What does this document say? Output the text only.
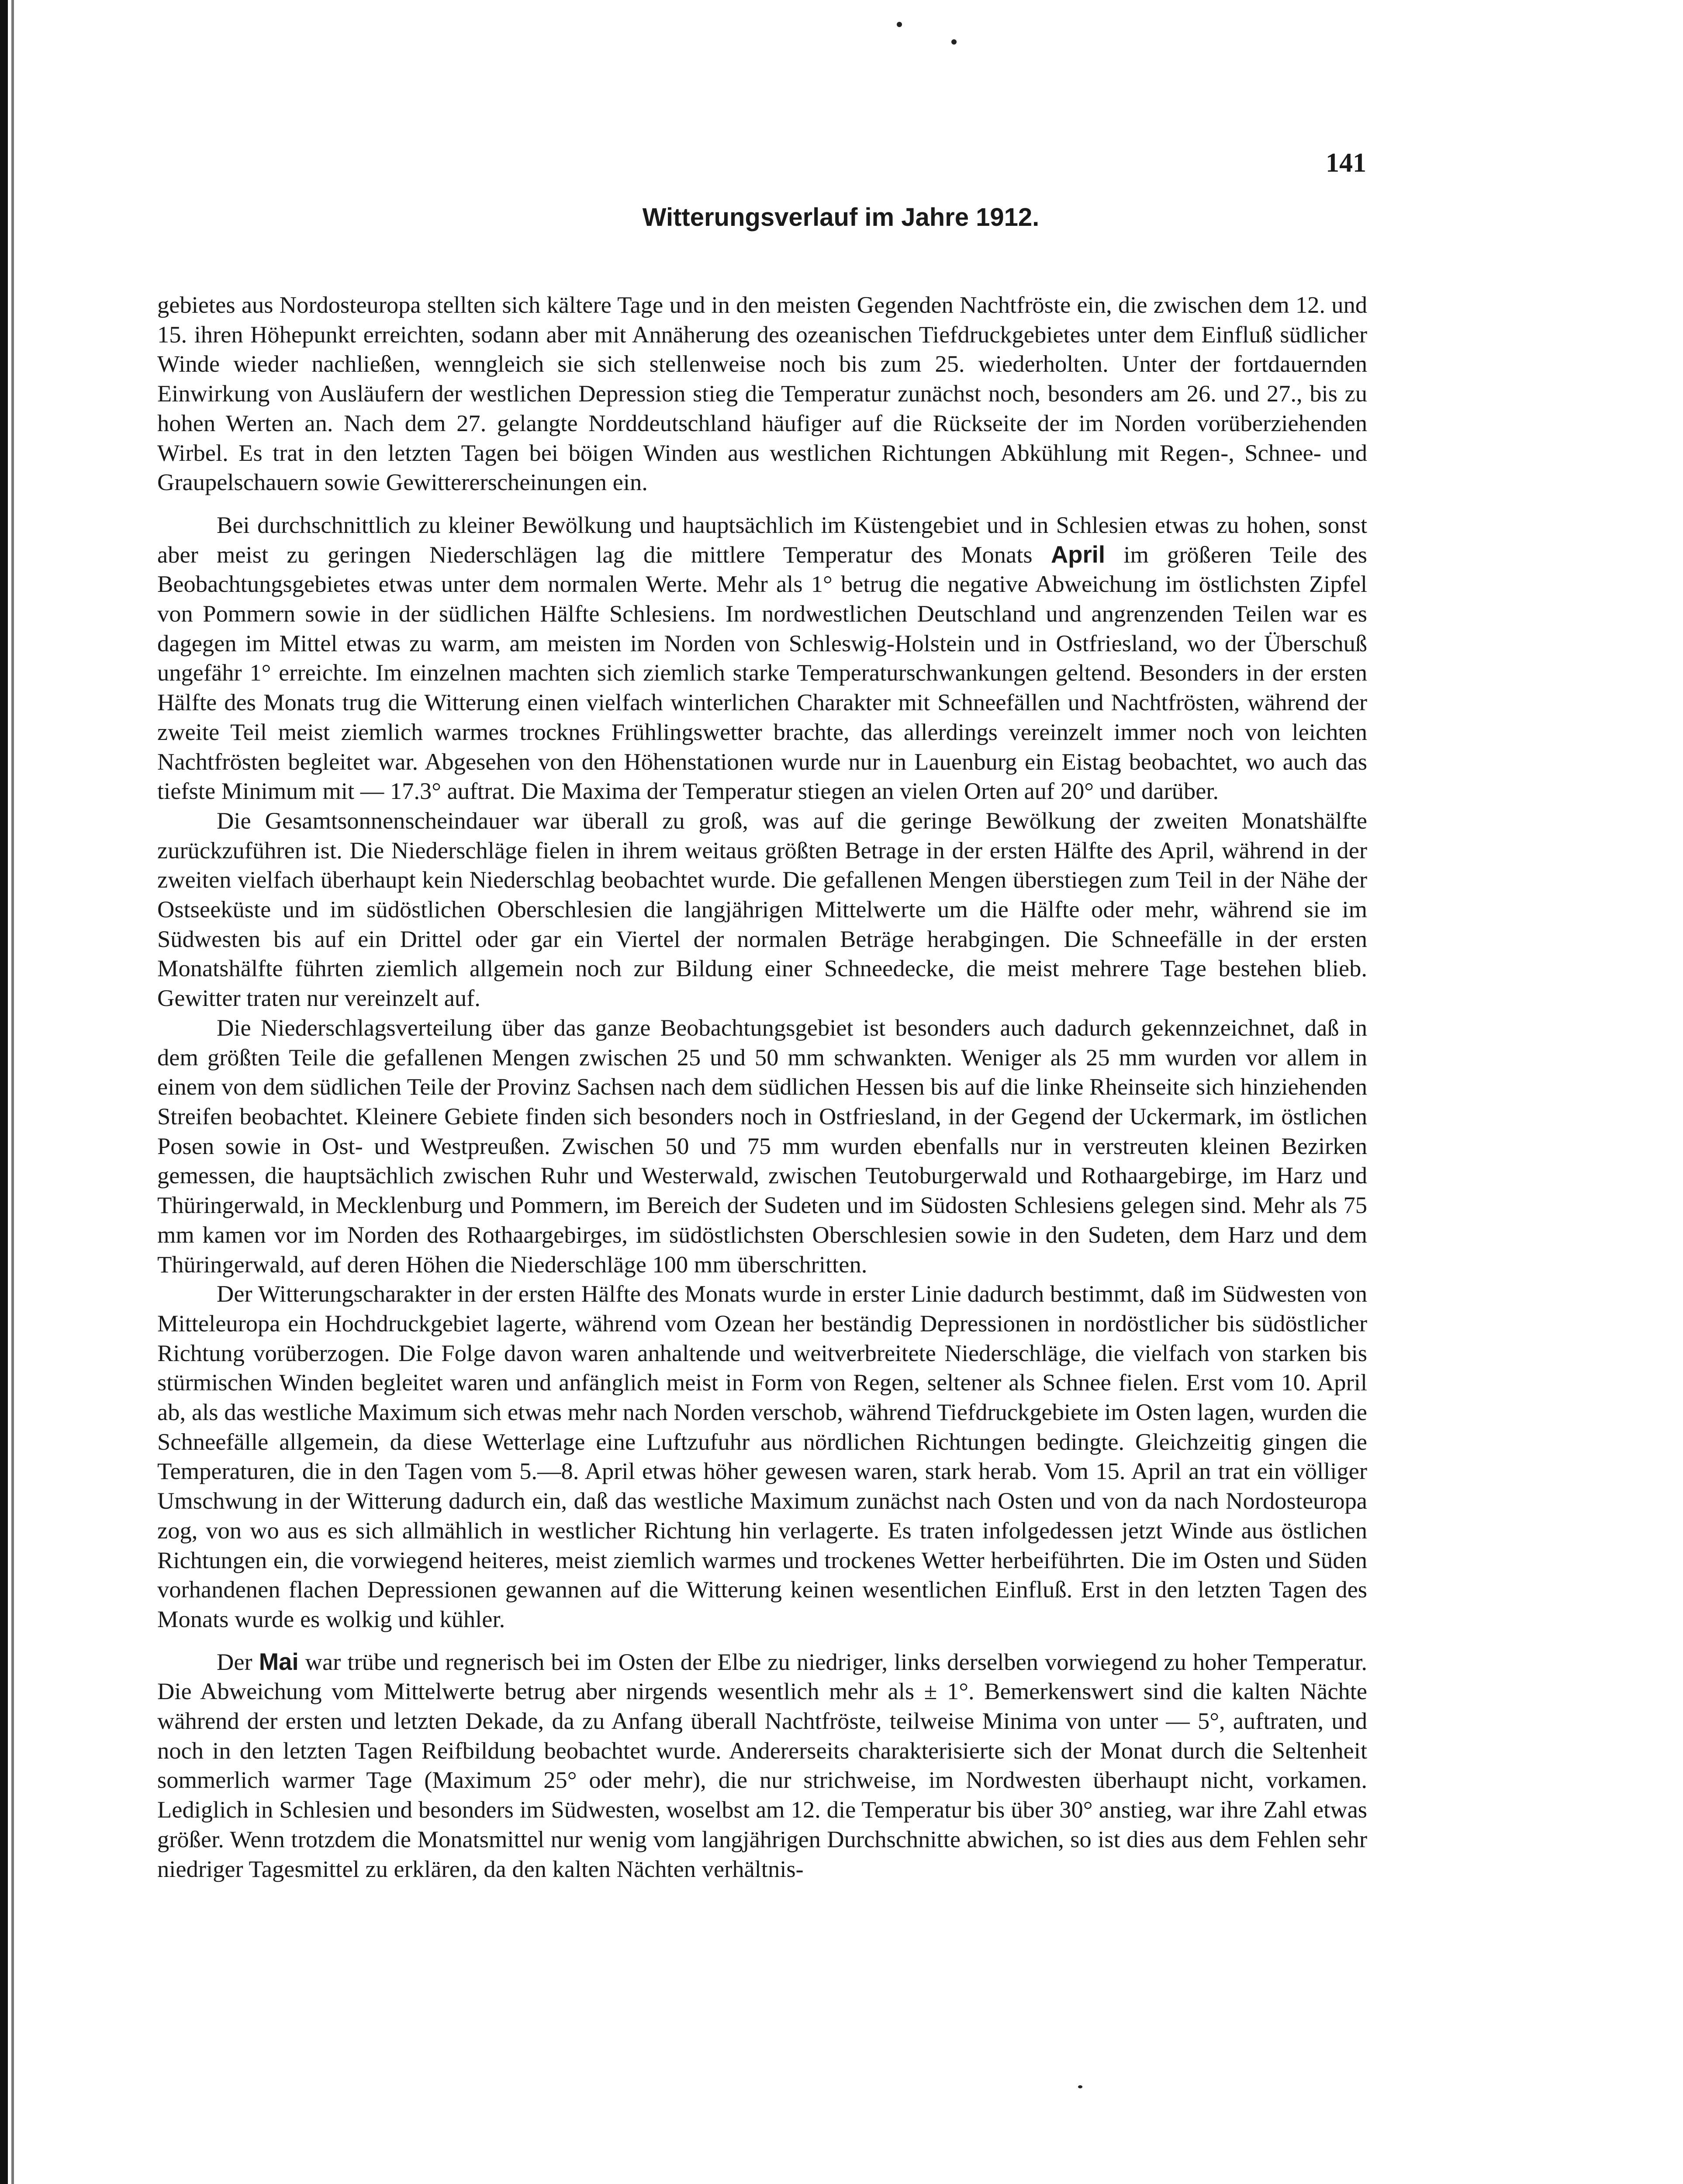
141
Witterungsverlauf im Jahre 1912.

gebietes aus Nordosteuropa stellten sich kältere Tage und in den meisten Gegenden Nachtfröste ein, die zwischen dem 12. und 15. ihren Höhepunkt erreichten, sodann aber mit Annäherung des ozeanischen Tiefdruckgebietes unter dem Einfluß südlicher Winde wieder nachließen, wenngleich sie sich stellenweise noch bis zum 25. wiederholten. Unter der fortdauernden Einwirkung von Ausläufern der westlichen Depression stieg die Temperatur zunächst noch, besonders am 26. und 27., bis zu hohen Werten an. Nach dem 27. gelangte Norddeutschland häufiger auf die Rückseite der im Norden vorüberziehenden Wirbel. Es trat in den letzten Tagen bei böigen Winden aus westlichen Richtungen Abkühlung mit Regen-, Schnee- und Graupelschauern sowie Gewittererscheinungen ein.

Bei durchschnittlich zu kleiner Bewölkung und hauptsächlich im Küstengebiet und in Schlesien etwas zu hohen, sonst aber meist zu geringen Niederschlägen lag die mittlere Temperatur des Monats April im größeren Teile des Beobachtungsgebietes etwas unter dem normalen Werte. Mehr als 1° betrug die negative Abweichung im östlichsten Zipfel von Pommern sowie in der südlichen Hälfte Schlesiens. Im nordwestlichen Deutschland und angrenzenden Teilen war es dagegen im Mittel etwas zu warm, am meisten im Norden von Schleswig-Holstein und in Ostfriesland, wo der Überschuß ungefähr 1° erreichte. Im einzelnen machten sich ziemlich starke Temperaturschwankungen geltend. Besonders in der ersten Hälfte des Monats trug die Witterung einen vielfach winterlichen Charakter mit Schneefällen und Nachtfrösten, während der zweite Teil meist ziemlich warmes trocknes Frühlingswetter brachte, das allerdings vereinzelt immer noch von leichten Nachtfrösten begleitet war. Abgesehen von den Höhenstationen wurde nur in Lauenburg ein Eistag beobachtet, wo auch das tiefste Minimum mit — 17.3° auftrat. Die Maxima der Temperatur stiegen an vielen Orten auf 20° und darüber.

Die Gesamtsonnenscheindauer war überall zu groß, was auf die geringe Bewölkung der zweiten Monatshälfte zurückzuführen ist. Die Niederschläge fielen in ihrem weitaus größten Betrage in der ersten Hälfte des April, während in der zweiten vielfach überhaupt kein Niederschlag beobachtet wurde. Die gefallenen Mengen überstiegen zum Teil in der Nähe der Ostseeküste und im südöstlichen Oberschlesien die langjährigen Mittelwerte um die Hälfte oder mehr, während sie im Südwesten bis auf ein Drittel oder gar ein Viertel der normalen Beträge herabgingen. Die Schneefälle in der ersten Monatshälfte führten ziemlich allgemein noch zur Bildung einer Schneedecke, die meist mehrere Tage bestehen blieb. Gewitter traten nur vereinzelt auf.

Die Niederschlagsverteilung über das ganze Beobachtungsgebiet ist besonders auch dadurch gekennzeichnet, daß in dem größten Teile die gefallenen Mengen zwischen 25 und 50 mm schwankten. Weniger als 25 mm wurden vor allem in einem von dem südlichen Teile der Provinz Sachsen nach dem südlichen Hessen bis auf die linke Rheinseite sich hinziehenden Streifen beobachtet. Kleinere Gebiete finden sich besonders noch in Ostfriesland, in der Gegend der Uckermark, im östlichen Posen sowie in Ost- und Westpreußen. Zwischen 50 und 75 mm wurden ebenfalls nur in verstreuten kleinen Bezirken gemessen, die hauptsächlich zwischen Ruhr und Westerwald, zwischen Teutoburgerwald und Rothaargebirge, im Harz und Thüringerwald, in Mecklenburg und Pommern, im Bereich der Sudeten und im Südosten Schlesiens gelegen sind. Mehr als 75 mm kamen vor im Norden des Rothaargebirges, im südöstlichsten Oberschlesien sowie in den Sudeten, dem Harz und dem Thüringerwald, auf deren Höhen die Niederschläge 100 mm überschritten.

Der Witterungscharakter in der ersten Hälfte des Monats wurde in erster Linie dadurch bestimmt, daß im Südwesten von Mitteleuropa ein Hochdruckgebiet lagerte, während vom Ozean her beständig Depressionen in nordöstlicher bis südöstlicher Richtung vorüberzogen. Die Folge davon waren anhaltende und weitverbreitete Niederschläge, die vielfach von starken bis stürmischen Winden begleitet waren und anfänglich meist in Form von Regen, seltener als Schnee fielen. Erst vom 10. April ab, als das westliche Maximum sich etwas mehr nach Norden verschob, während Tiefdruckgebiete im Osten lagen, wurden die Schneefälle allgemein, da diese Wetterlage eine Luftzufuhr aus nördlichen Richtungen bedingte. Gleichzeitig gingen die Temperaturen, die in den Tagen vom 5.—8. April etwas höher gewesen waren, stark herab. Vom 15. April an trat ein völliger Umschwung in der Witterung dadurch ein, daß das westliche Maximum zunächst nach Osten und von da nach Nordosteuropa zog, von wo aus es sich allmählich in westlicher Richtung hin verlagerte. Es traten infolgedessen jetzt Winde aus östlichen Richtungen ein, die vorwiegend heiteres, meist ziemlich warmes und trockenes Wetter herbeiführten. Die im Osten und Süden vorhandenen flachen Depressionen gewannen auf die Witterung keinen wesentlichen Einfluß. Erst in den letzten Tagen des Monats wurde es wolkig und kühler.

Der Mai war trübe und regnerisch bei im Osten der Elbe zu niedriger, links derselben vorwiegend zu hoher Temperatur. Die Abweichung vom Mittelwerte betrug aber nirgends wesentlich mehr als ± 1°. Bemerkenswert sind die kalten Nächte während der ersten und letzten Dekade, da zu Anfang überall Nachtfröste, teilweise Minima von unter — 5°, auftraten, und noch in den letzten Tagen Reifbildung beobachtet wurde. Andererseits charakterisierte sich der Monat durch die Seltenheit sommerlich warmer Tage (Maximum 25° oder mehr), die nur strichweise, im Nordwesten überhaupt nicht, vorkamen. Lediglich in Schlesien und besonders im Südwesten, woselbst am 12. die Temperatur bis über 30° anstieg, war ihre Zahl etwas größer. Wenn trotzdem die Monatsmittel nur wenig vom langjährigen Durchschnitte abwichen, so ist dies aus dem Fehlen sehr niedriger Tagesmittel zu erklären, da den kalten Nächten verhältnis-
